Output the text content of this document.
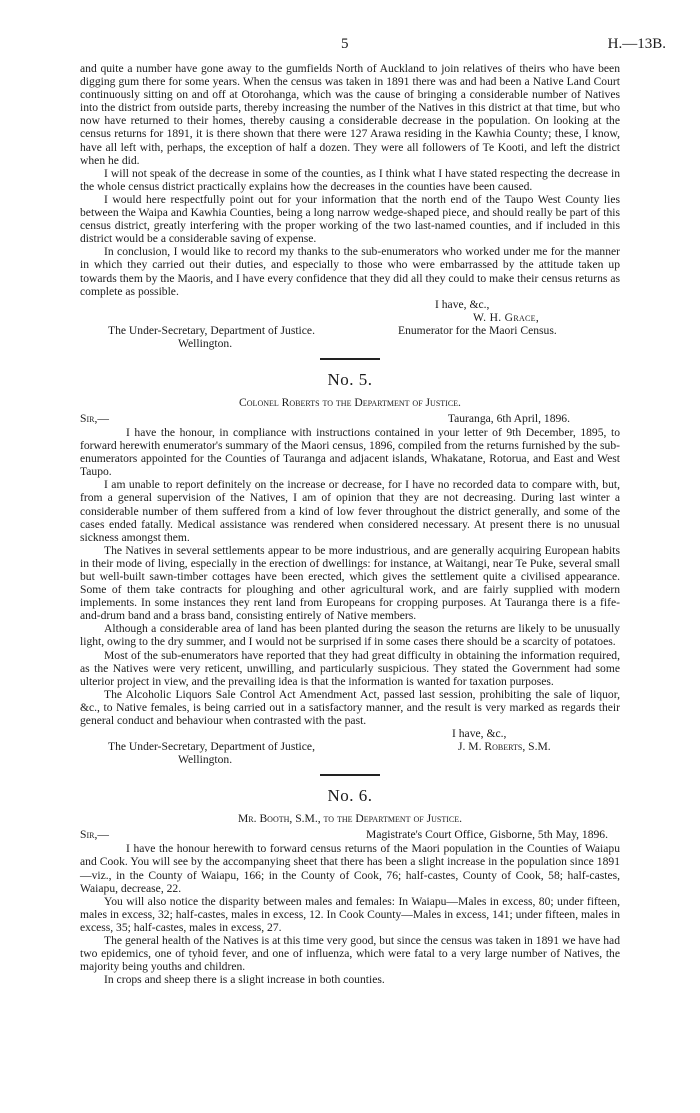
5	H.—13B.

and quite a number have gone away to the gumfields North of Auckland to join relatives of theirs who have been digging gum there for some years. When the census was taken in 1891 there was and had been a Native Land Court continuously sitting on and off at Otorohanga, which was the cause of bringing a considerable number of Natives into the district from outside parts, thereby increasing the number of the Natives in this district at that time, but who now have returned to their homes, thereby causing a considerable decrease in the population. On looking at the census returns for 1891, it is there shown that there were 127 Arawa residing in the Kawhia County; these, I know, have all left with, perhaps, the exception of half a dozen. They were all followers of Te Kooti, and left the district when he did.

I will not speak of the decrease in some of the counties, as I think what I have stated respecting the decrease in the whole census district practically explains how the decreases in the counties have been caused.

I would here respectfully point out for your information that the north end of the Taupo West County lies between the Waipa and Kawhia Counties, being a long narrow wedge-shaped piece, and should really be part of this census district, greatly interfering with the proper working of the two last-named counties, and if included in this district would be a considerable saving of expense.

In conclusion, I would like to record my thanks to the sub-enumerators who worked under me for the manner in which they carried out their duties, and especially to those who were embarrassed by the attitude taken up towards them by the Maoris, and I have every confidence that they did all they could to make their census returns as complete as possible.

I have, &c.,
W. H. Grace,
The Under-Secretary, Department of Justice.	Enumerator for the Maori Census.
Wellington.
No. 5.
Colonel Roberts to the Department of Justice.
Sir,—	Tauranga, 6th April, 1896.

I have the honour, in compliance with instructions contained in your letter of 9th December, 1895, to forward herewith enumerator's summary of the Maori census, 1896, compiled from the returns furnished by the sub-enumerators appointed for the Counties of Tauranga and adjacent islands, Whakatane, Rotorua, and East and West Taupo.

I am unable to report definitely on the increase or decrease, for I have no recorded data to compare with, but, from a general supervision of the Natives, I am of opinion that they are not decreasing. During last winter a considerable number of them suffered from a kind of low fever throughout the district generally, and some of the cases ended fatally. Medical assistance was rendered when considered necessary. At present there is no unusual sickness amongst them.

The Natives in several settlements appear to be more industrious, and are generally acquiring European habits in their mode of living, especially in the erection of dwellings: for instance, at Waitangi, near Te Puke, several small but well-built sawn-timber cottages have been erected, which gives the settlement quite a civilised appearance. Some of them take contracts for ploughing and other agricultural work, and are fairly supplied with modern implements. In some instances they rent land from Europeans for cropping purposes. At Tauranga there is a fife-and-drum band and a brass band, consisting entirely of Native members.

Although a considerable area of land has been planted during the season the returns are likely to be unusually light, owing to the dry summer, and I would not be surprised if in some cases there should be a scarcity of potatoes.

Most of the sub-enumerators have reported that they had great difficulty in obtaining the information required, as the Natives were very reticent, unwilling, and particularly suspicious. They stated the Government had some ulterior project in view, and the prevailing idea is that the information is wanted for taxation purposes.

The Alcoholic Liquors Sale Control Act Amendment Act, passed last session, prohibiting the sale of liquor, &c., to Native females, is being carried out in a satisfactory manner, and the result is very marked as regards their general conduct and behaviour when contrasted with the past.

I have, &c.,
The Under-Secretary, Department of Justice,	J. M. Roberts, S.M.
Wellington.
No. 6.
Mr. Booth, S.M., to the Department of Justice.
Sir,—	Magistrate's Court Office, Gisborne, 5th May, 1896.

I have the honour herewith to forward census returns of the Maori population in the Counties of Waiapu and Cook. You will see by the accompanying sheet that there has been a slight increase in the population since 1891—viz., in the County of Waiapu, 166; in the County of Cook, 76; half-castes, County of Cook, 58; half-castes, Waiapu, decrease, 22.

You will also notice the disparity between males and females: In Waiapu—Males in excess, 80; under fifteen, males in excess, 32; half-castes, males in excess, 12. In Cook County—Males in excess, 141; under fifteen, males in excess, 35; half-castes, males in excess, 27.

The general health of the Natives is at this time very good, but since the census was taken in 1891 we have had two epidemics, one of tyhoid fever, and one of influenza, which were fatal to a very large number of Natives, the majority being youths and children.

In crops and sheep there is a slight increase in both counties.
